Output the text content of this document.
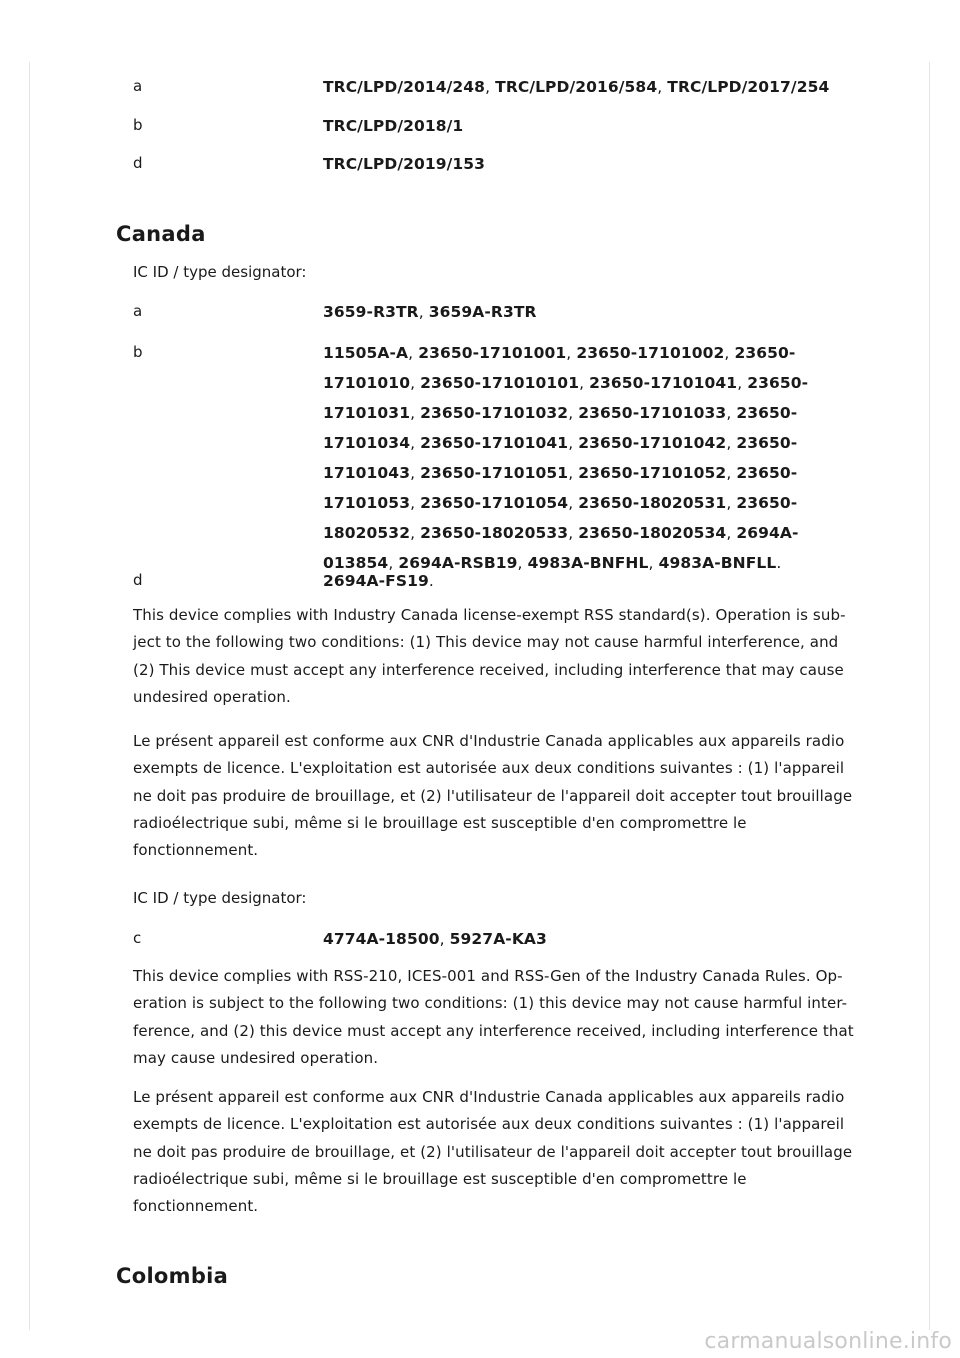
a	TRC/LPD/2014/248, TRC/LPD/2016/584, TRC/LPD/2017/254
b	TRC/LPD/2018/1
d	TRC/LPD/2019/153
Canada
IC ID / type designator:
a	3659-R3TR, 3659A-R3TR
b	11505A-A, 23650-17101001, 23650-17101002, 23650-
17101010, 23650-171010101, 23650-17101041, 23650-
17101031, 23650-17101032, 23650-17101033, 23650-
17101034, 23650-17101041, 23650-17101042, 23650-
17101043, 23650-17101051, 23650-17101052, 23650-
17101053, 23650-17101054, 23650-18020531, 23650-
18020532, 23650-18020533, 23650-18020534, 2694A-
013854, 2694A-RSB19, 4983A-BNFHL, 4983A-BNFLL.
d	2694A-FS19.

This device complies with Industry Canada license-exempt RSS standard(s). Operation is sub-ject to the following two conditions: (1) This device may not cause harmful interference, and (2) This device must accept any interference received, including interference that may cause undesired operation.

Le présent appareil est conforme aux CNR d'Industrie Canada applicables aux appareils radio exempts de licence. L'exploitation est autorisée aux deux conditions suivantes : (1) l'appareil ne doit pas produire de brouillage, et (2) l'utilisateur de l'appareil doit accepter tout brouillage radioélectrique subi, même si le brouillage est susceptible d'en compromettre le fonctionnement.

IC ID / type designator:
c	4774A-18500, 5927A-KA3

This device complies with RSS-210, ICES-001 and RSS-Gen of the Industry Canada Rules. Op-eration is subject to the following two conditions: (1) this device may not cause harmful inter-ference, and (2) this device must accept any interference received, including interference that may cause undesired operation.

Le présent appareil est conforme aux CNR d'Industrie Canada applicables aux appareils radio exempts de licence. L'exploitation est autorisée aux deux conditions suivantes : (1) l'appareil ne doit pas produire de brouillage, et (2) l'utilisateur de l'appareil doit accepter tout brouillage radioélectrique subi, même si le brouillage est susceptible d'en compromettre le fonctionnement.

Colombia
carmanualsonline.info
